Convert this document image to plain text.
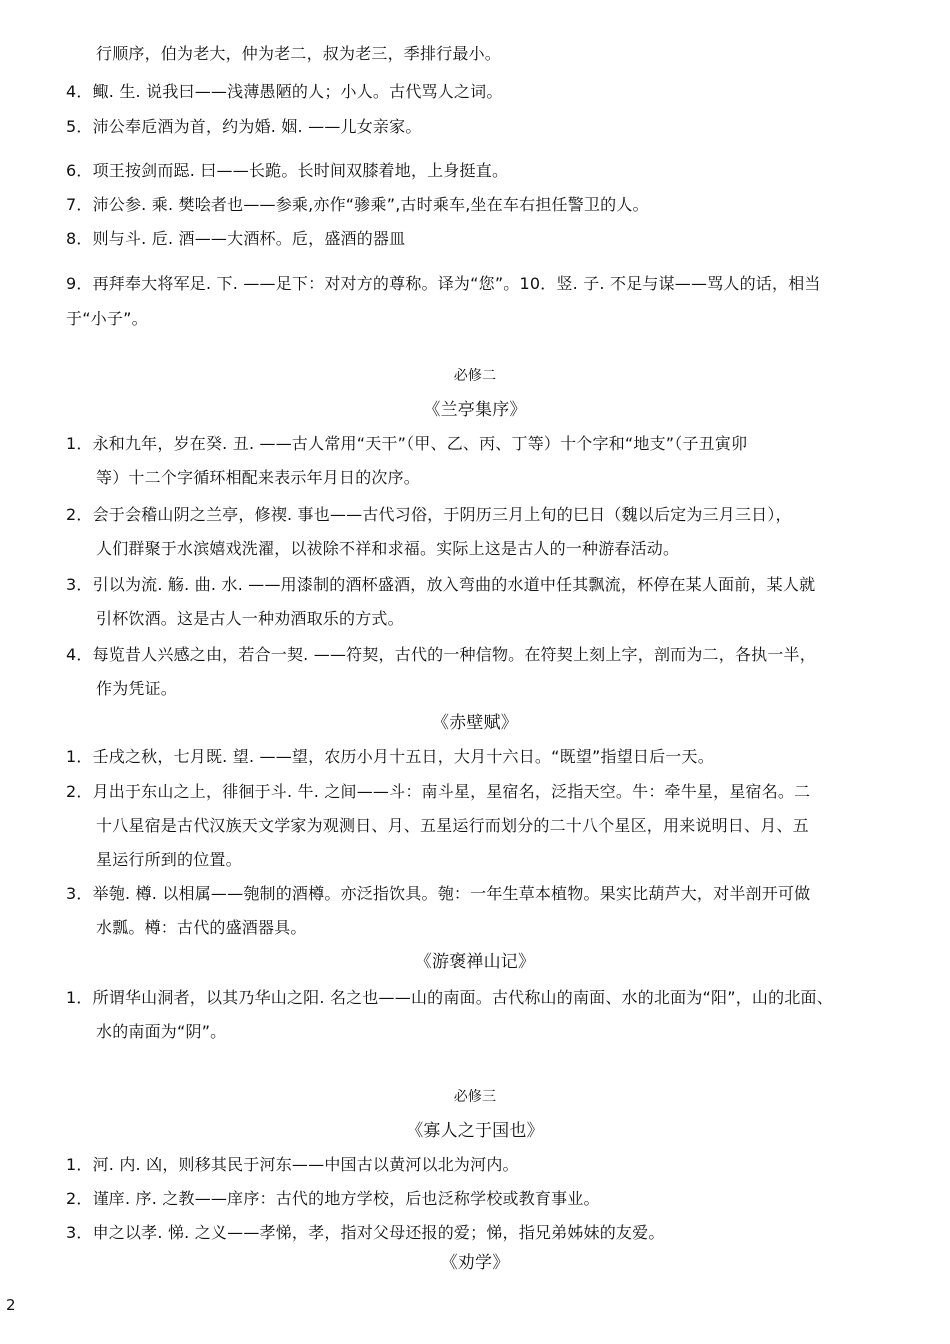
行顺序，伯为老大，仲为老二，叔为老三，季排行最小。
4．鲰. 生. 说我曰——浅薄愚陋的人；小人。古代骂人之词。
5．沛公奉卮酒为首，约为婚. 姻. ——儿女亲家。
6．项王按剑而跽. 曰——长跪。长时间双膝着地，上身挺直。
7．沛公参. 乘. 樊哙者也——参乘,亦作“骖乘”,古时乘车,坐在车右担任警卫的人。
8．则与斗. 卮. 酒——大酒杯。卮，盛酒的器皿
9．再拜奉大将军足. 下. ——足下：对对方的尊称。译为“您”。10．竖. 子. 不足与谋——骂人的话，相当
于“小子”。
必修二
《兰亭集序》
1．永和九年，岁在癸. 丑. ——古人常用“天干”（甲、乙、丙、丁等）十个字和“地支”（子丑寅卯
等）十二个字循环相配来表示年月日的次序。
2．会于会稽山阴之兰亭，修禊. 事也——古代习俗，于阴历三月上旬的巳日（魏以后定为三月三日），
人们群聚于水滨嬉戏洗濯，以祓除不祥和求福。实际上这是古人的一种游春活动。
3．引以为流. 觞. 曲. 水. ——用漆制的酒杯盛酒，放入弯曲的水道中任其飘流，杯停在某人面前，某人就
引杯饮酒。这是古人一种劝酒取乐的方式。
4．每览昔人兴感之由，若合一契. ——符契，古代的一种信物。在符契上刻上字，剖而为二，各执一半，
作为凭证。
《赤壁赋》
1．壬戌之秋，七月既. 望. ——望，农历小月十五日，大月十六日。“既望”指望日后一天。
2．月出于东山之上，徘徊于斗. 牛. 之间——斗：南斗星，星宿名，泛指天空。牛：牵牛星，星宿名。二
十八星宿是古代汉族天文学家为观测日、月、五星运行而划分的二十八个星区，用来说明日、月、五
星运行所到的位置。
3．举匏. 樽. 以相属——匏制的酒樽。亦泛指饮具。匏：一年生草本植物。果实比葫芦大，对半剖开可做
水瓢。樽：古代的盛酒器具。
《游褒禅山记》
1．所谓华山洞者，以其乃华山之阳. 名之也——山的南面。古代称山的南面、水的北面为“阳”，山的北面、
水的南面为“阴”。
必修三
《寡人之于国也》
1．河. 内. 凶，则移其民于河东——中国古以黄河以北为河内。
2．谨庠. 序. 之教——庠序：古代的地方学校，后也泛称学校或教育事业。
3．申之以孝. 悌. 之义——孝悌，孝，指对父母还报的爱；悌，指兄弟姊妹的友爱。
《劝学》
2
